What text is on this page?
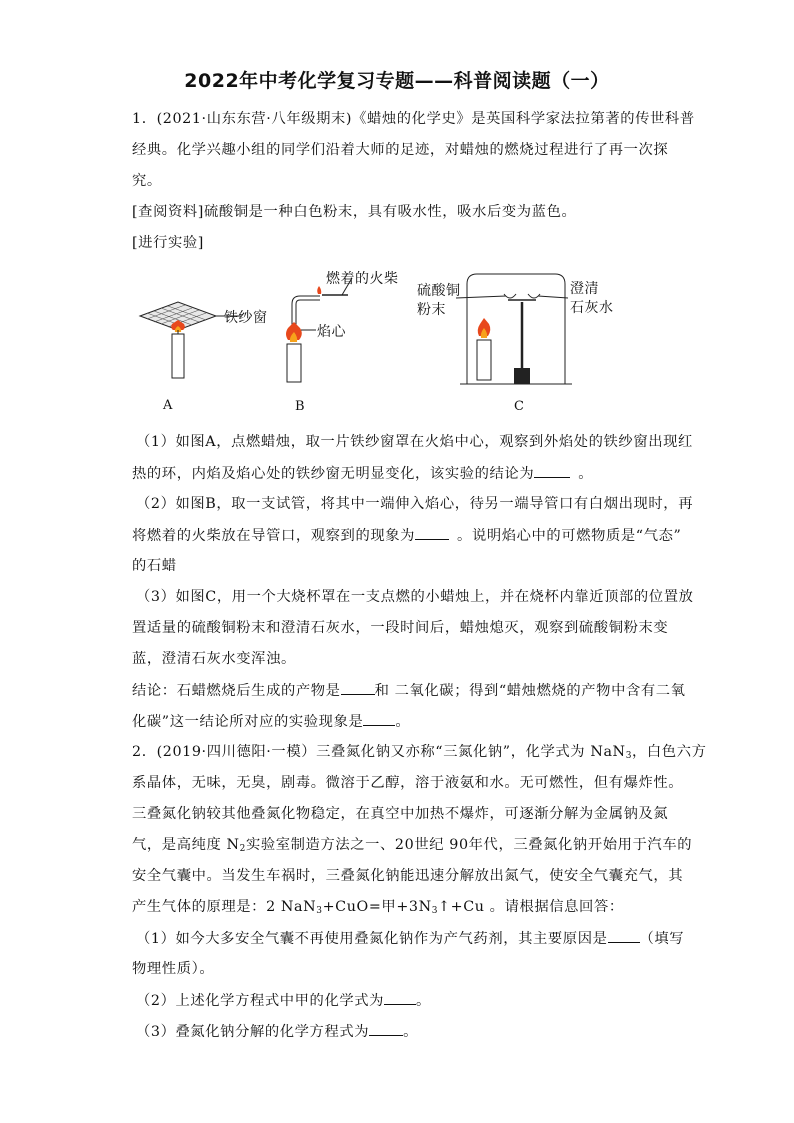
2022年中考化学复习专题——科普阅读题（一）
1．(2021·山东东营·八年级期末)《蜡烛的化学史》是英国科学家法拉第著的传世科普
经典。化学兴趣小组的同学们沿着大师的足迹，对蜡烛的燃烧过程进行了再一次探
究。
[查阅资料]硫酸铜是一种白色粉末，具有吸水性，吸水后变为蓝色。
[进行实验]
铁纱窗
燃着的火柴
焰心
硫酸铜
粉末
澄清
石灰水
A	B	C
（1）如图A，点燃蜡烛，取一片铁纱窗罩在火焰中心，观察到外焰处的铁纱窗出现红
热的环，内焰及焰心处的铁纱窗无明显变化，该实验的结论为	。
（2）如图B，取一支试管，将其中一端伸入焰心，待另一端导管口有白烟出现时，再
将燃着的火柴放在导管口，观察到的现象为	。说明焰心中的可燃物质是“气态”
的石蜡
（3）如图C，用一个大烧杯罩在一支点燃的小蜡烛上，并在烧杯内靠近顶部的位置放
置适量的硫酸铜粉末和澄清石灰水，一段时间后，蜡烛熄灭，观察到硫酸铜粉末变
蓝，澄清石灰水变浑浊。
结论：石蜡燃烧后生成的产物是 和 二氧化碳；得到“蜡烛燃烧的产物中含有二氧
化碳”这一结论所对应的实验现象是 。
2．(2019·四川德阳·一模）三叠氮化钠又亦称“三氮化钠”，化学式为 NaN$_3$，白色六方
系晶体，无味，无臭，剧毒。微溶于乙醇，溶于液氨和水。无可燃性，但有爆炸性。
三叠氮化钠较其他叠氮化物稳定，在真空中加热不爆炸，可逐渐分解为金属钠及氮
气，是高纯度 $N_2$实验室制造方法之一、20世纪 90年代，三叠氮化钠开始用于汽车的
安全气囊中。当发生车祸时，三叠氮化钠能迅速分解放出氮气，使安全气囊充气，其
产生气体的原理是：2 NaN$_3$+CuO=甲$+3N_3↑+Cu$ 。请根据信息回答：
（1）如今大多安全气囊不再使用叠氮化钠作为产气药剂，其主要原因是 （填写
物理性质）。
（2）上述化学方程式中甲的化学式为 。
（3）叠氮化钠分解的化学方程式为 。
